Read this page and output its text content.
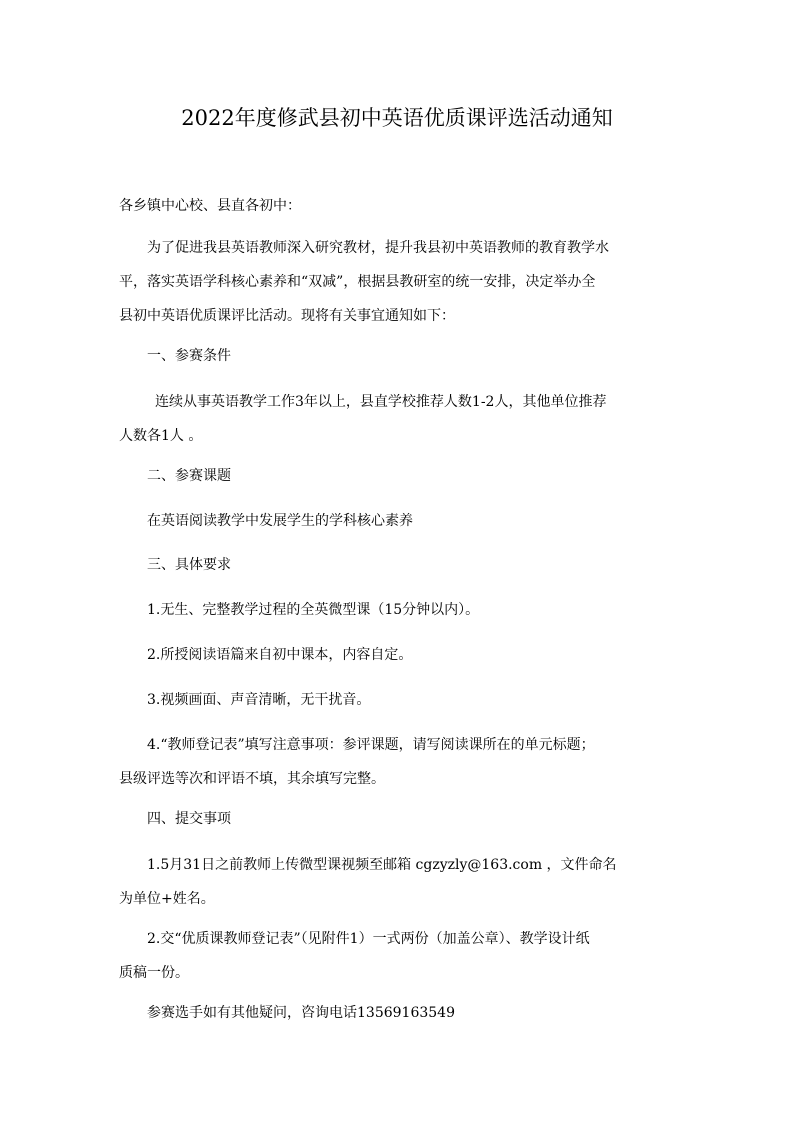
2022年度修武县初中英语优质课评选活动通知
各乡镇中心校、县直各初中：
为了促进我县英语教师深入研究教材，提升我县初中英语教师的教育教学水
平，落实英语学科核心素养和“双减”，根据县教研室的统一安排，决定举办全
县初中英语优质课评比活动。现将有关事宜通知如下：
一、参赛条件
连续从事英语教学工作3年以上，县直学校推荐人数1-2人，其他单位推荐
人数各1人 。
二、参赛课题
在英语阅读教学中发展学生的学科核心素养
三、具体要求
1.无生、完整教学过程的全英微型课（15分钟以内）。
2.所授阅读语篇来自初中课本，内容自定。
3.视频画面、声音清晰，无干扰音。
4.“教师登记表”填写注意事项：参评课题，请写阅读课所在的单元标题；
县级评选等次和评语不填，其余填写完整。
四、提交事项
1.5月31日之前教师上传微型课视频至邮箱 cgzyzly@163.com ，文件命名
为单位+姓名。
2.交“优质课教师登记表”（见附件1）一式两份（加盖公章）、教学设计纸
质稿一份。
参赛选手如有其他疑问，咨询电话13569163549
